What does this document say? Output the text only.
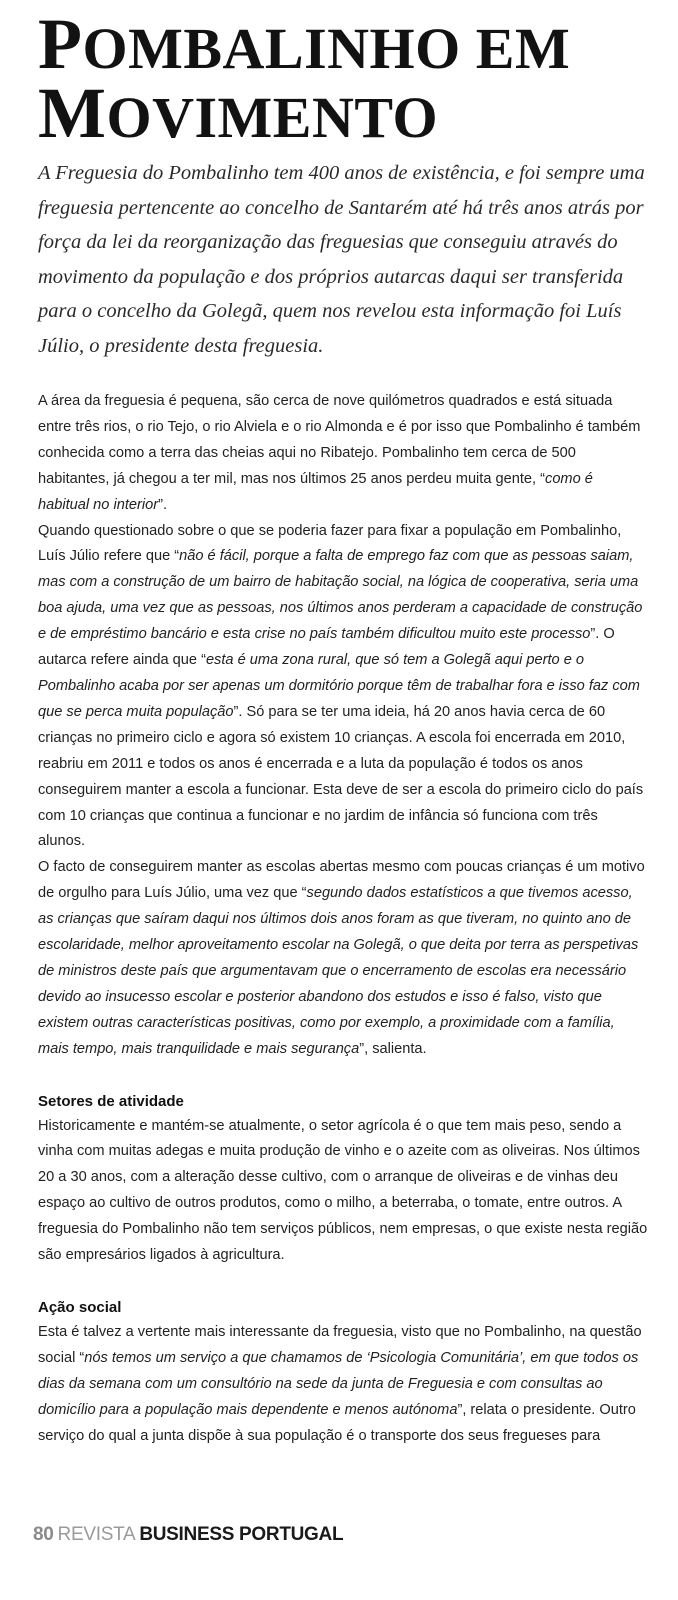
POMBALINHO EM
MOVIMENTO

A Freguesia do Pombalinho tem 400 anos de existência, e foi sempre uma freguesia pertencente ao concelho de Santarém até há três anos atrás por força da lei da reorganização das freguesias que conseguiu através do movimento da população e dos próprios autarcas daqui ser transferida para o concelho da Golegã, quem nos revelou esta informação foi Luís Júlio, o presidente desta freguesia.

A área da freguesia é pequena, são cerca de nove quilómetros quadrados e está situada entre três rios, o rio Tejo, o rio Alviela e o rio Almonda e é por isso que Pombalinho é também conhecida como a terra das cheias aqui no Ribatejo. Pombalinho tem cerca de 500 habitantes, já chegou a ter mil, mas nos últimos 25 anos perdeu muita gente, “como é habitual no interior”.

Quando questionado sobre o que se poderia fazer para fixar a população em Pombalinho, Luís Júlio refere que “não é fácil, porque a falta de emprego faz com que as pessoas saiam, mas com a construção de um bairro de habitação social, na lógica de cooperativa, seria uma boa ajuda, uma vez que as pessoas, nos últimos anos perderam a capacidade de construção e de empréstimo bancário e esta crise no país também dificultou muito este processo”. O autarca refere ainda que “esta é uma zona rural, que só tem a Golegã aqui perto e o Pombalinho acaba por ser apenas um dormitório porque têm de trabalhar fora e isso faz com que se perca muita população”. Só para se ter uma ideia, há 20 anos havia cerca de 60 crianças no primeiro ciclo e agora só existem 10 crianças. A escola foi encerrada em 2010, reabriu em 2011 e todos os anos é encerrada e a luta da população é todos os anos conseguirem manter a escola a funcionar. Esta deve de ser a escola do primeiro ciclo do país com 10 crianças que continua a funcionar e no jardim de infância só funciona com três alunos.

O facto de conseguirem manter as escolas abertas mesmo com poucas crianças é um motivo de orgulho para Luís Júlio, uma vez que “segundo dados estatísticos a que tivemos acesso, as crianças que saíram daqui nos últimos dois anos foram as que tiveram, no quinto ano de escolaridade, melhor aproveitamento escolar na Golegã, o que deita por terra as perspetivas de ministros deste país que argumentavam que o encerramento de escolas era necessário devido ao insucesso escolar e posterior abandono dos estudos e isso é falso, visto que existem outras características positivas, como por exemplo, a proximidade com a família, mais tempo, mais tranquilidade e mais segurança”, salienta.

Setores de atividade

Historicamente e mantém-se atualmente, o setor agrícola é o que tem mais peso, sendo a vinha com muitas adegas e muita produção de vinho e o azeite com as oliveiras. Nos últimos 20 a 30 anos, com a alteração desse cultivo, com o arranque de oliveiras e de vinhas deu espaço ao cultivo de outros produtos, como o milho, a beterraba, o tomate, entre outros. A freguesia do Pombalinho não tem serviços públicos, nem empresas, o que existe nesta região são empresários ligados à agricultura.

Ação social

Esta é talvez a vertente mais interessante da freguesia, visto que no Pombalinho, na questão social “nós temos um serviço a que chamamos de ‘Psicologia Comunitária’, em que todos os dias da semana com um consultório na sede da junta de Freguesia e com consultas ao domicílio para a população mais dependente e menos autónoma”, relata o presidente. Outro serviço do qual a junta dispõe à sua população é o transporte dos seus fregueses para

80 REVISTA BUSINESS PORTUGAL
